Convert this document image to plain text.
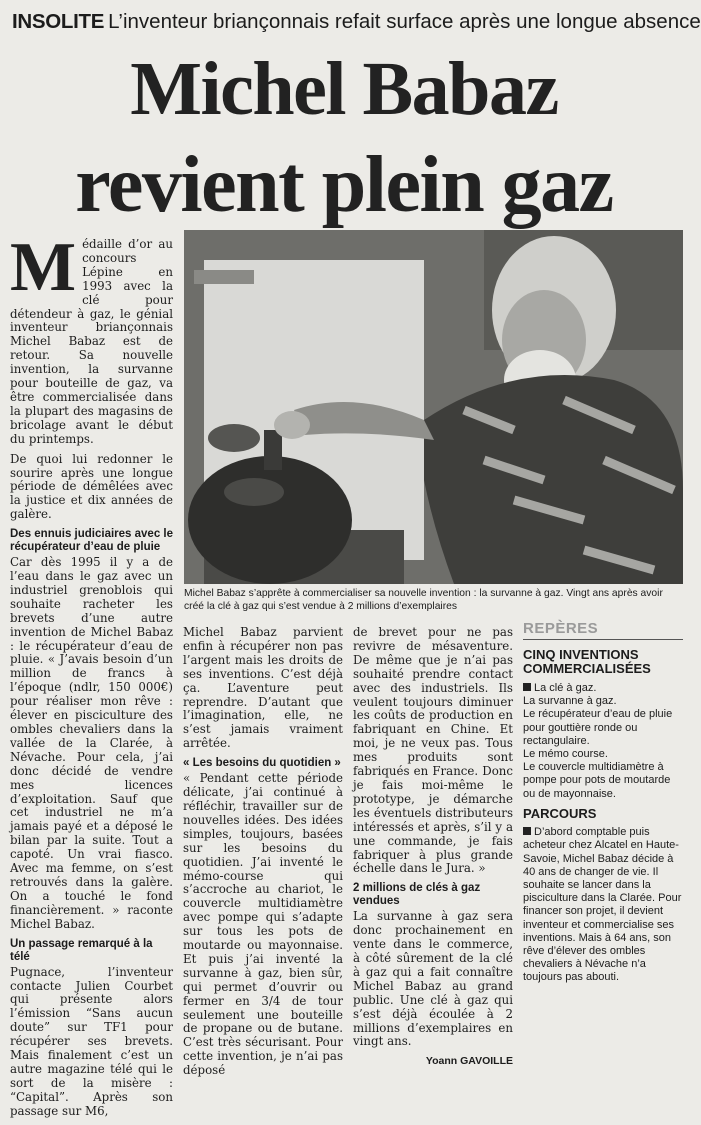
INSOLITE L’inventeur briançonnais refait surface après une longue absence
Michel Babaz
revient plein gaz

Médaille d’or au concours Lépine en 1993 avec la clé pour détendeur à gaz, le génial inventeur briançonnais Michel Babaz est de retour. Sa nouvelle invention, la survanne pour bouteille de gaz, va être commercialisée dans la plupart des magasins de bricolage avant le début du printemps.

De quoi lui redonner le sourire après une longue période de démêlées avec la justice et dix années de galère.

Des ennuis judiciaires avec le récupérateur d’eau de pluie

Car dès 1995 il y a de l’eau dans le gaz avec un industriel grenoblois qui souhaite racheter les brevets d’une autre invention de Michel Babaz : le récupérateur d’eau de pluie. « J’avais besoin d’un million de francs à l’époque (ndlr, 150 000€) pour réaliser mon rêve : élever en pisciculture des ombles chevaliers dans la vallée de la Clarée, à Névache. Pour cela, j’ai donc décidé de vendre mes licences d’exploitation. Sauf que cet industriel ne m’a jamais payé et a déposé le bilan par la suite. Tout a capoté. Un vrai fiasco. Avec ma femme, on s’est retrouvés dans la galère. On a touché le fond financièrement. » raconte Michel Babaz.

Un passage remarqué à la télé

Pugnace, l’inventeur contacte Julien Courbet qui présente alors l’émission “Sans aucun doute” sur TF1 pour récupérer ses brevets. Mais finalement c’est un autre magazine télé qui le sort de la misère : “Capital”. Après son passage sur M6,

Michel Babaz s’apprête à commercialiser sa nouvelle invention : la survanne à gaz. Vingt ans après avoir créé la clé à gaz qui s’est vendue à 2 millions d’exemplaires

Michel Babaz parvient enfin à récupérer non pas l’argent mais les droits de ses inventions. C’est déjà ça. L’aventure peut reprendre. D’autant que l’imagination, elle, ne s’est jamais vraiment arrêtée.

« Les besoins du quotidien »

« Pendant cette période délicate, j’ai continué à réfléchir, travailler sur de nouvelles idées. Des idées simples, toujours, basées sur les besoins du quotidien. J’ai inventé le mémo-course qui s’accroche au chariot, le couvercle multidiamètre avec pompe qui s’adapte sur tous les pots de moutarde ou mayonnaise. Et puis j’ai inventé la survanne à gaz, bien sûr, qui permet d’ouvrir ou fermer en 3/4 de tour seulement une bouteille de propane ou de butane. C’est très sécurisant. Pour cette invention, je n’ai pas déposé

de brevet pour ne pas revivre de mésaventure. De même que je n’ai pas souhaité prendre contact avec des industriels. Ils veulent toujours diminuer les coûts de production en fabriquant en Chine. Et moi, je ne veux pas. Tous mes produits sont fabriqués en France. Donc je fais moi-même le prototype, je démarche les éventuels distributeurs intéressés et après, s’il y a une commande, je fais fabriquer à plus grande échelle dans le Jura. »

2 millions de clés à gaz vendues

La survanne à gaz sera donc prochainement en vente dans le commerce, à côté sûrement de la clé à gaz qui a fait connaître Michel Babaz au grand public. Une clé à gaz qui s’est déjà écoulée à 2 millions d’exemplaires en vingt ans.

Yoann GAVOILLE
REPÈRES
CINQ INVENTIONS COMMERCIALISÉES
La clé à gaz.
La survanne à gaz.
Le récupérateur d’eau de pluie pour gouttière ronde ou rectangulaire.
Le mémo course.
Le couvercle multidiamètre à pompe pour pots de moutarde ou de mayonnaise.
PARCOURS
D’abord comptable puis acheteur chez Alcatel en Haute-Savoie, Michel Babaz décide à 40 ans de changer de vie. Il souhaite se lancer dans la pisciculture dans la Clarée. Pour financer son projet, il devient inventeur et commercialise ses inventions. Mais à 64 ans, son rêve d’élever des ombles chevaliers à Névache n’a toujours pas abouti.
